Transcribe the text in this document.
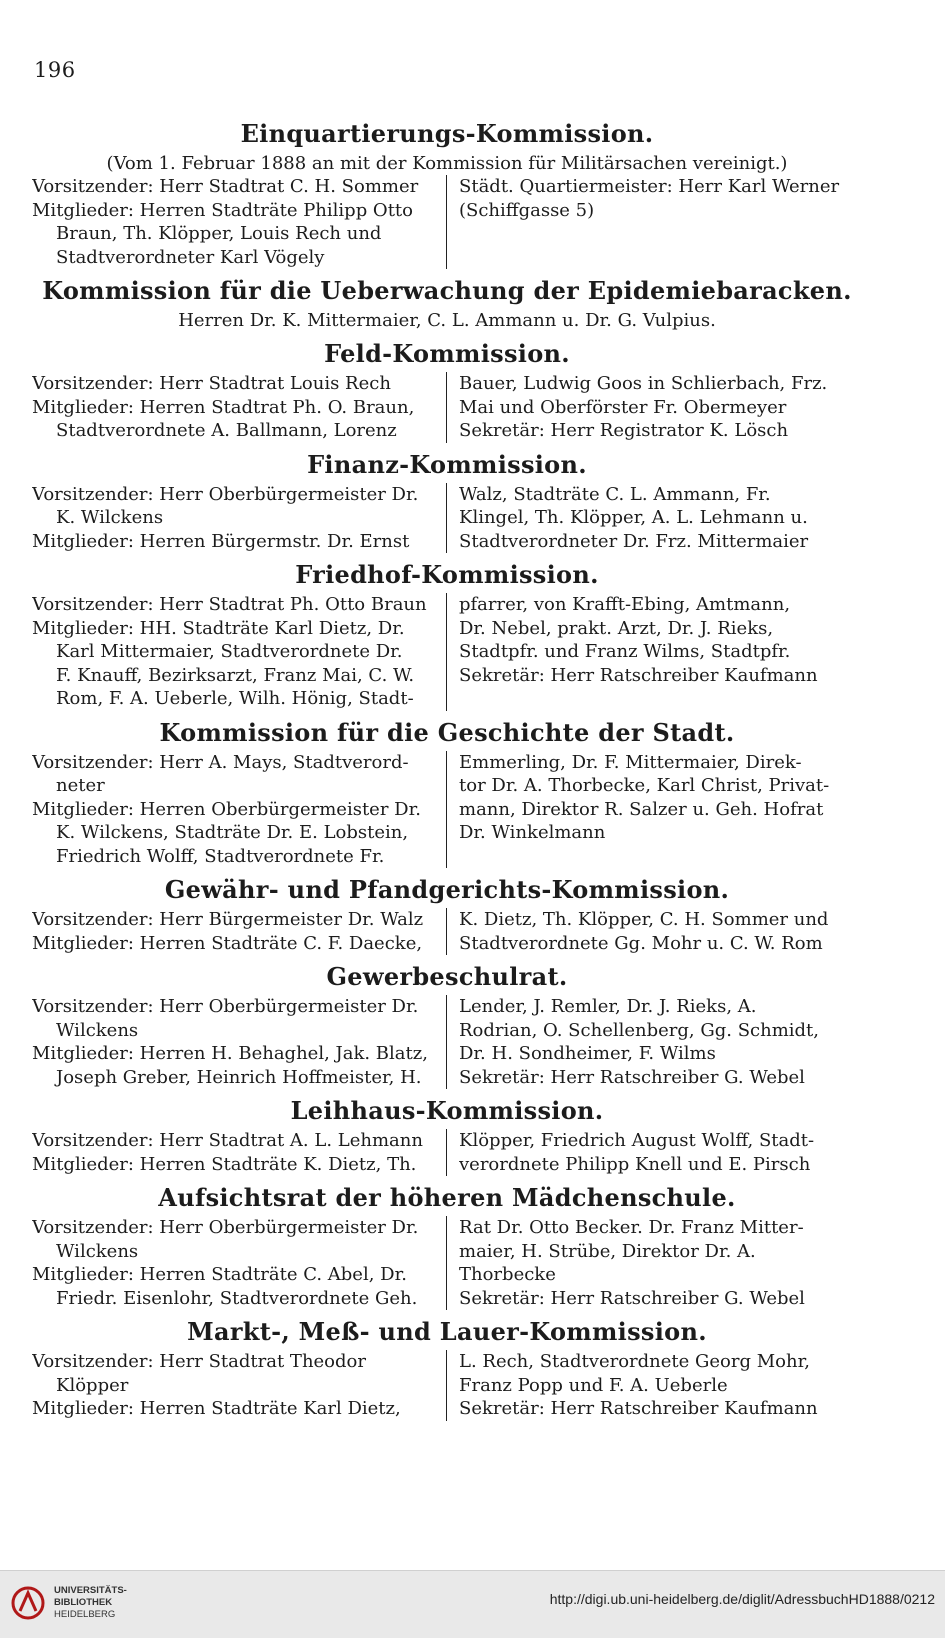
196
Einquartierungs-Kommission.
(Vom 1. Februar 1888 an mit der Kommission für Militärsachen vereinigt.)
Vorsitzender: Herr Stadtrat C. H. Sommer
Mitglieder: Herren Stadträte Philipp Otto
Braun, Th. Klöpper, Louis Rech und
Stadtverordneter Karl Vögely
Städt. Quartiermeister: Herr Karl Werner
(Schiffgasse 5)
Kommission für die Ueberwachung der Epidemiebaracken.
Herren Dr. K. Mittermaier, C. L. Ammann u. Dr. G. Vulpius.
Feld-Kommission.
Vorsitzender: Herr Stadtrat Louis Rech
Mitglieder: Herren Stadtrat Ph. O. Braun,
Stadtverordnete A. Ballmann, Lorenz
Bauer, Ludwig Goos in Schlierbach, Frz.
Mai und Oberförster Fr. Obermeyer
Sekretär: Herr Registrator K. Lösch
Finanz-Kommission.
Vorsitzender: Herr Oberbürgermeister Dr.
K. Wilckens
Mitglieder: Herren Bürgermstr. Dr. Ernst
Walz, Stadträte C. L. Ammann, Fr.
Klingel, Th. Klöpper, A. L. Lehmann u.
Stadtverordneter Dr. Frz. Mittermaier
Friedhof-Kommission.
Vorsitzender: Herr Stadtrat Ph. Otto Braun
Mitglieder: HH. Stadträte Karl Dietz, Dr.
Karl Mittermaier, Stadtverordnete Dr.
F. Knauff, Bezirksarzt, Franz Mai, C. W.
Rom, F. A. Ueberle, Wilh. Hönig, Stadt-
pfarrer, von Krafft-Ebing, Amtmann,
Dr. Nebel, prakt. Arzt, Dr. J. Rieks,
Stadtpfr. und Franz Wilms, Stadtpfr.
Sekretär: Herr Ratschreiber Kaufmann
Kommission für die Geschichte der Stadt.
Vorsitzender: Herr A. Mays, Stadtverord-
neter
Mitglieder: Herren Oberbürgermeister Dr.
K. Wilckens, Stadträte Dr. E. Lobstein,
Friedrich Wolff, Stadtverordnete Fr.
Emmerling, Dr. F. Mittermaier, Direk-
tor Dr. A. Thorbecke, Karl Christ, Privat-
mann, Direktor R. Salzer u. Geh. Hofrat
Dr. Winkelmann
Gewähr- und Pfandgerichts-Kommission.
Vorsitzender: Herr Bürgermeister Dr. Walz
Mitglieder: Herren Stadträte C. F. Daecke,
K. Dietz, Th. Klöpper, C. H. Sommer und
Stadtverordnete Gg. Mohr u. C. W. Rom
Gewerbeschulrat.
Vorsitzender: Herr Oberbürgermeister Dr.
Wilckens
Mitglieder: Herren H. Behaghel, Jak. Blatz,
Joseph Greber, Heinrich Hoffmeister, H.
Lender, J. Remler, Dr. J. Rieks, A.
Rodrian, O. Schellenberg, Gg. Schmidt,
Dr. H. Sondheimer, F. Wilms
Sekretär: Herr Ratschreiber G. Webel
Leihhaus-Kommission.
Vorsitzender: Herr Stadtrat A. L. Lehmann
Mitglieder: Herren Stadträte K. Dietz, Th.
Klöpper, Friedrich August Wolff, Stadt-
verordnete Philipp Knell und E. Pirsch
Aufsichtsrat der höheren Mädchenschule.
Vorsitzender: Herr Oberbürgermeister Dr.
Wilckens
Mitglieder: Herren Stadträte C. Abel, Dr.
Friedr. Eisenlohr, Stadtverordnete Geh.
Rat Dr. Otto Becker. Dr. Franz Mitter-
maier, H. Strübe, Direktor Dr. A.
Thorbecke
Sekretär: Herr Ratschreiber G. Webel
Markt-, Meß- und Lauer-Kommission.
Vorsitzender: Herr Stadtrat Theodor
Klöpper
Mitglieder: Herren Stadträte Karl Dietz,
L. Rech, Stadtverordnete Georg Mohr,
Franz Popp und F. A. Ueberle
Sekretär: Herr Ratschreiber Kaufmann
UNIVERSITÄTS-
BIBLIOTHEK
HEIDELBERG
http://digi.ub.uni-heidelberg.de/diglit/AdressbuchHD1888/0212
